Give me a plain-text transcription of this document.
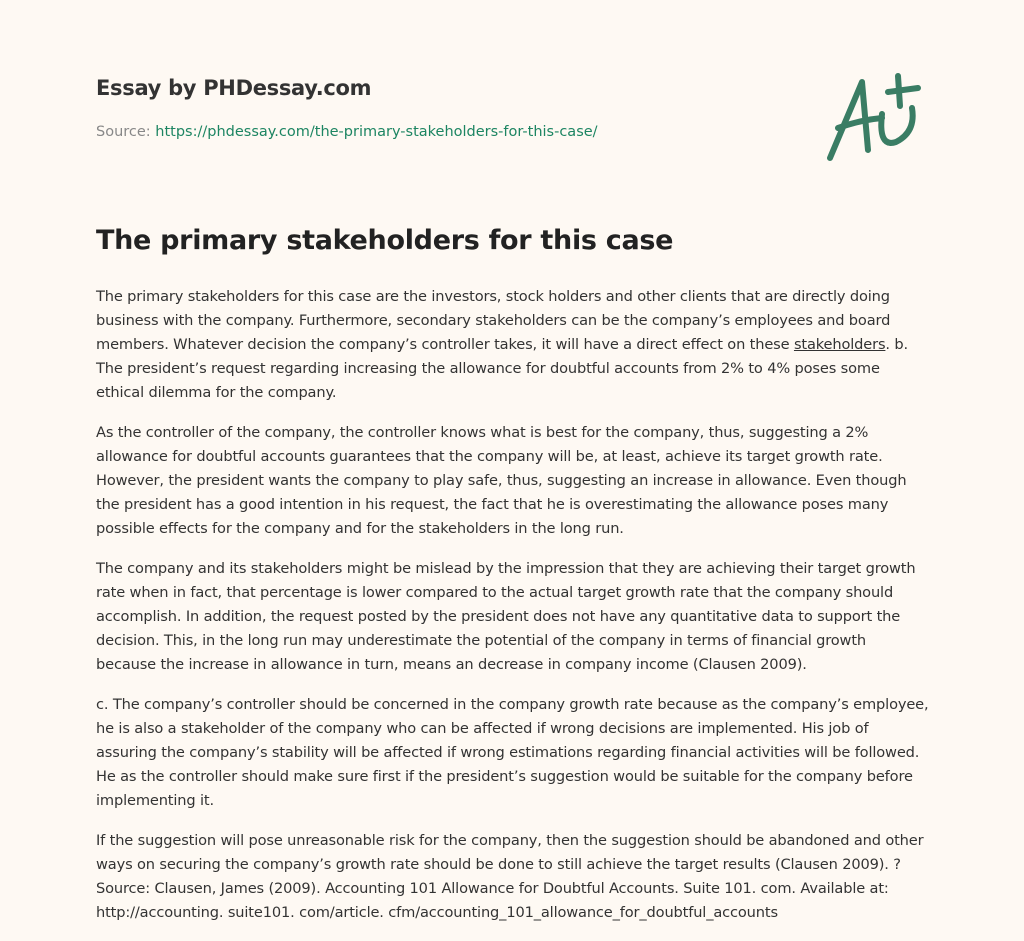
Essay by PHDessay.com
Source: https://phdessay.com/the-primary-stakeholders-for-this-case/
The primary stakeholders for this case

The primary stakeholders for this case are the investors, stock holders and other clients that are directly doing business with the company. Furthermore, secondary stakeholders can be the company’s employees and board members. Whatever decision the company’s controller takes, it will have a direct effect on these stakeholders. b. The president’s request regarding increasing the allowance for doubtful accounts from 2% to 4% poses some ethical dilemma for the company.

As the controller of the company, the controller knows what is best for the company, thus, suggesting a 2% allowance for doubtful accounts guarantees that the company will be, at least, achieve its target growth rate. However, the president wants the company to play safe, thus, suggesting an increase in allowance. Even though the president has a good intention in his request, the fact that he is overestimating the allowance poses many possible effects for the company and for the stakeholders in the long run.

The company and its stakeholders might be mislead by the impression that they are achieving their target growth rate when in fact, that percentage is lower compared to the actual target growth rate that the company should accomplish. In addition, the request posted by the president does not have any quantitative data to support the decision. This, in the long run may underestimate the potential of the company in terms of financial growth because the increase in allowance in turn, means an decrease in company income (Clausen 2009).

c. The company’s controller should be concerned in the company growth rate because as the company’s employee, he is also a stakeholder of the company who can be affected if wrong decisions are implemented. His job of assuring the company’s stability will be affected if wrong estimations regarding financial activities will be followed. He as the controller should make sure first if the president’s suggestion would be suitable for the company before implementing it.

If the suggestion will pose unreasonable risk for the company, then the suggestion should be abandoned and other ways on securing the company’s growth rate should be done to still achieve the target results (Clausen 2009). ? Source: Clausen, James (2009). Accounting 101 Allowance for Doubtful Accounts. Suite 101. com. Available at: http://accounting. suite101. com/article. cfm/accounting_101_allowance_for_doubtful_accounts
